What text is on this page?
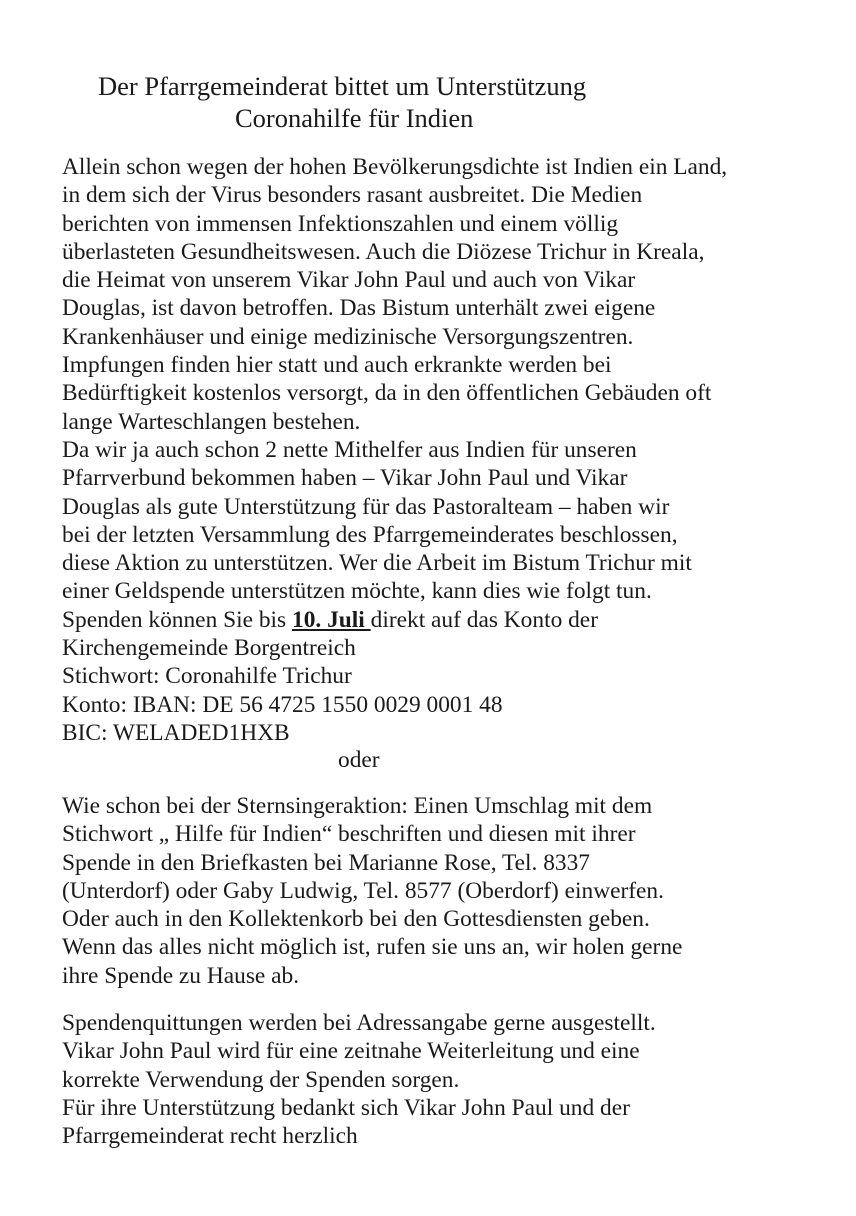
Der Pfarrgemeinderat bittet um Unterstützung
Coronahilfe für Indien
Allein schon wegen der hohen Bevölkerungsdichte ist Indien ein Land,
in dem sich der Virus besonders rasant ausbreitet. Die Medien
berichten von immensen Infektionszahlen und einem völlig
überlasteten Gesundheitswesen. Auch die Diözese Trichur in Kreala,
die Heimat von unserem Vikar John Paul und auch von Vikar
Douglas, ist davon betroffen. Das Bistum unterhält zwei eigene
Krankenhäuser und einige medizinische Versorgungszentren.
Impfungen finden hier statt und auch erkrankte werden bei
Bedürftigkeit kostenlos versorgt, da in den öffentlichen Gebäuden oft
lange Warteschlangen bestehen.
Da wir ja auch schon 2 nette Mithelfer aus Indien für unseren
Pfarrverbund bekommen haben – Vikar John Paul und Vikar
Douglas als gute Unterstützung für das Pastoralteam – haben wir
bei der letzten Versammlung des Pfarrgemeinderates beschlossen,
diese Aktion zu unterstützen. Wer die Arbeit im Bistum Trichur mit
einer Geldspende unterstützen möchte, kann dies wie folgt tun.
Spenden können Sie bis 10. Juli direkt auf das Konto der
Kirchengemeinde Borgentreich
Stichwort: Coronahilfe Trichur
Konto: IBAN: DE 56 4725 1550 0029 0001 48
BIC: WELADED1HXB
oder
Wie schon bei der Sternsingeraktion: Einen Umschlag mit dem
Stichwort „ Hilfe für Indien“ beschriften und diesen mit ihrer
Spende in den Briefkasten bei Marianne Rose, Tel. 8337
(Unterdorf) oder Gaby Ludwig, Tel. 8577 (Oberdorf) einwerfen.
Oder auch in den Kollektenkorb bei den Gottesdiensten geben.
Wenn das alles nicht möglich ist, rufen sie uns an, wir holen gerne
ihre Spende zu Hause ab.
Spendenquittungen werden bei Adressangabe gerne ausgestellt.
Vikar John Paul wird für eine zeitnahe Weiterleitung und eine
korrekte Verwendung der Spenden sorgen.
Für ihre Unterstützung bedankt sich Vikar John Paul und der
Pfarrgemeinderat recht herzlich
